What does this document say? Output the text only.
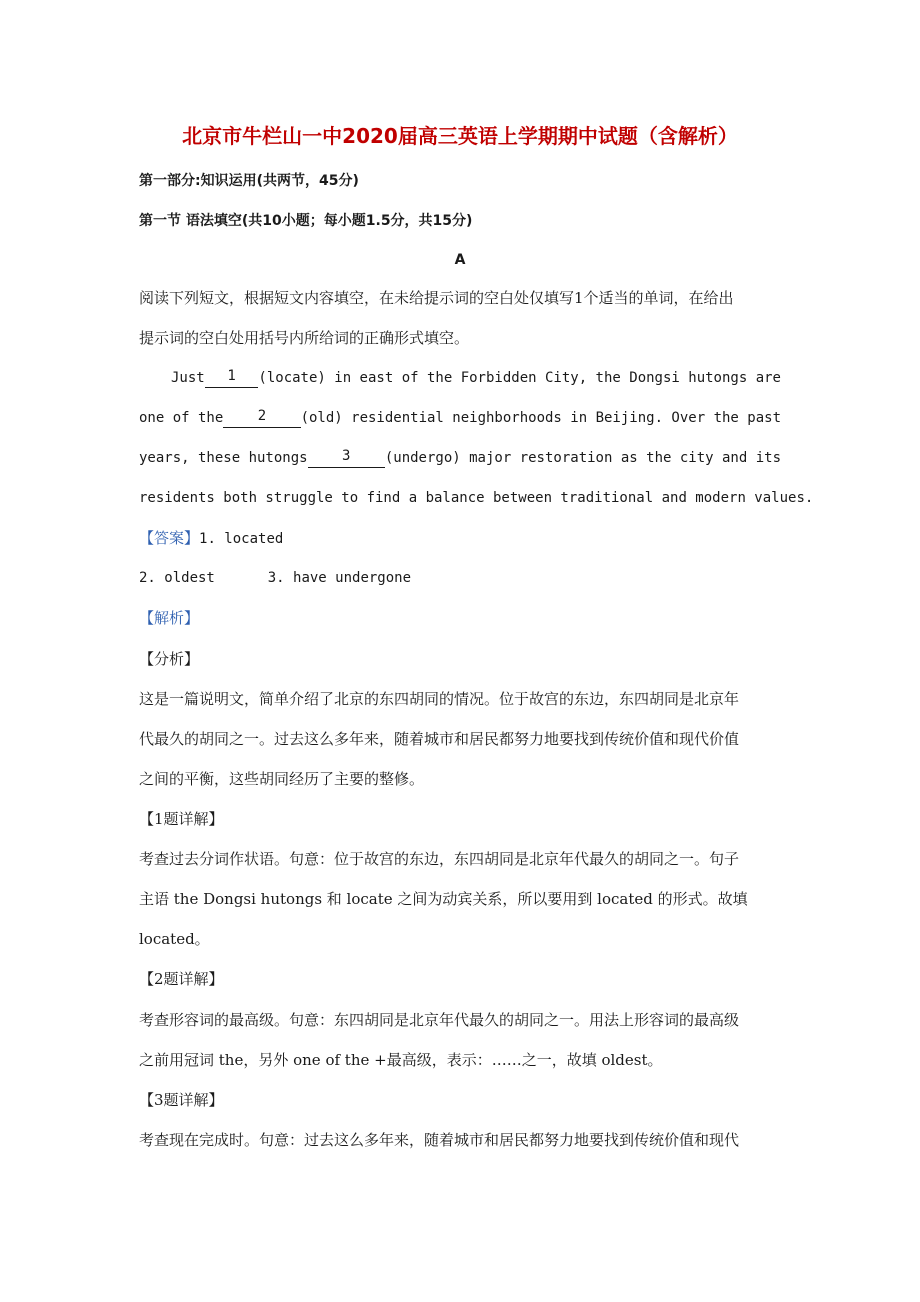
北京市牛栏山一中2020届高三英语上学期期中试题（含解析）
第一部分:知识运用(共两节，45分)
第一节 语法填空(共10小题；每小题1.5分，共15分)
A
阅读下列短文，根据短文内容填空，在未给提示词的空白处仅填写1个适当的单词，在给出
提示词的空白处用括号内所给词的正确形式填空。
Just	1	(locate) in east of the Forbidden City, the Dongsi hutongs are
one of the	2	(old) residential neighborhoods in Beijing. Over the past
years, these hutongs	3	(undergo) major restoration as the city and its
residents both struggle to find a balance between traditional and modern values.
【答案】1. located
2. oldest	3. have undergone
【解析】
【分析】
这是一篇说明文，简单介绍了北京的东四胡同的情况。位于故宫的东边，东四胡同是北京年
代最久的胡同之一。过去这么多年来，随着城市和居民都努力地要找到传统价值和现代价值
之间的平衡，这些胡同经历了主要的整修。
【1题详解】
考查过去分词作状语。句意：位于故宫的东边，东四胡同是北京年代最久的胡同之一。句子
主语 the Dongsi hutongs 和 locate 之间为动宾关系，所以要用到 located 的形式。故填
located。
【2题详解】
考查形容词的最高级。句意：东四胡同是北京年代最久的胡同之一。用法上形容词的最高级
之前用冠词 the，另外 one of the +最高级，表示：……之一，故填 oldest。
【3题详解】
考查现在完成时。句意：过去这么多年来，随着城市和居民都努力地要找到传统价值和现代
